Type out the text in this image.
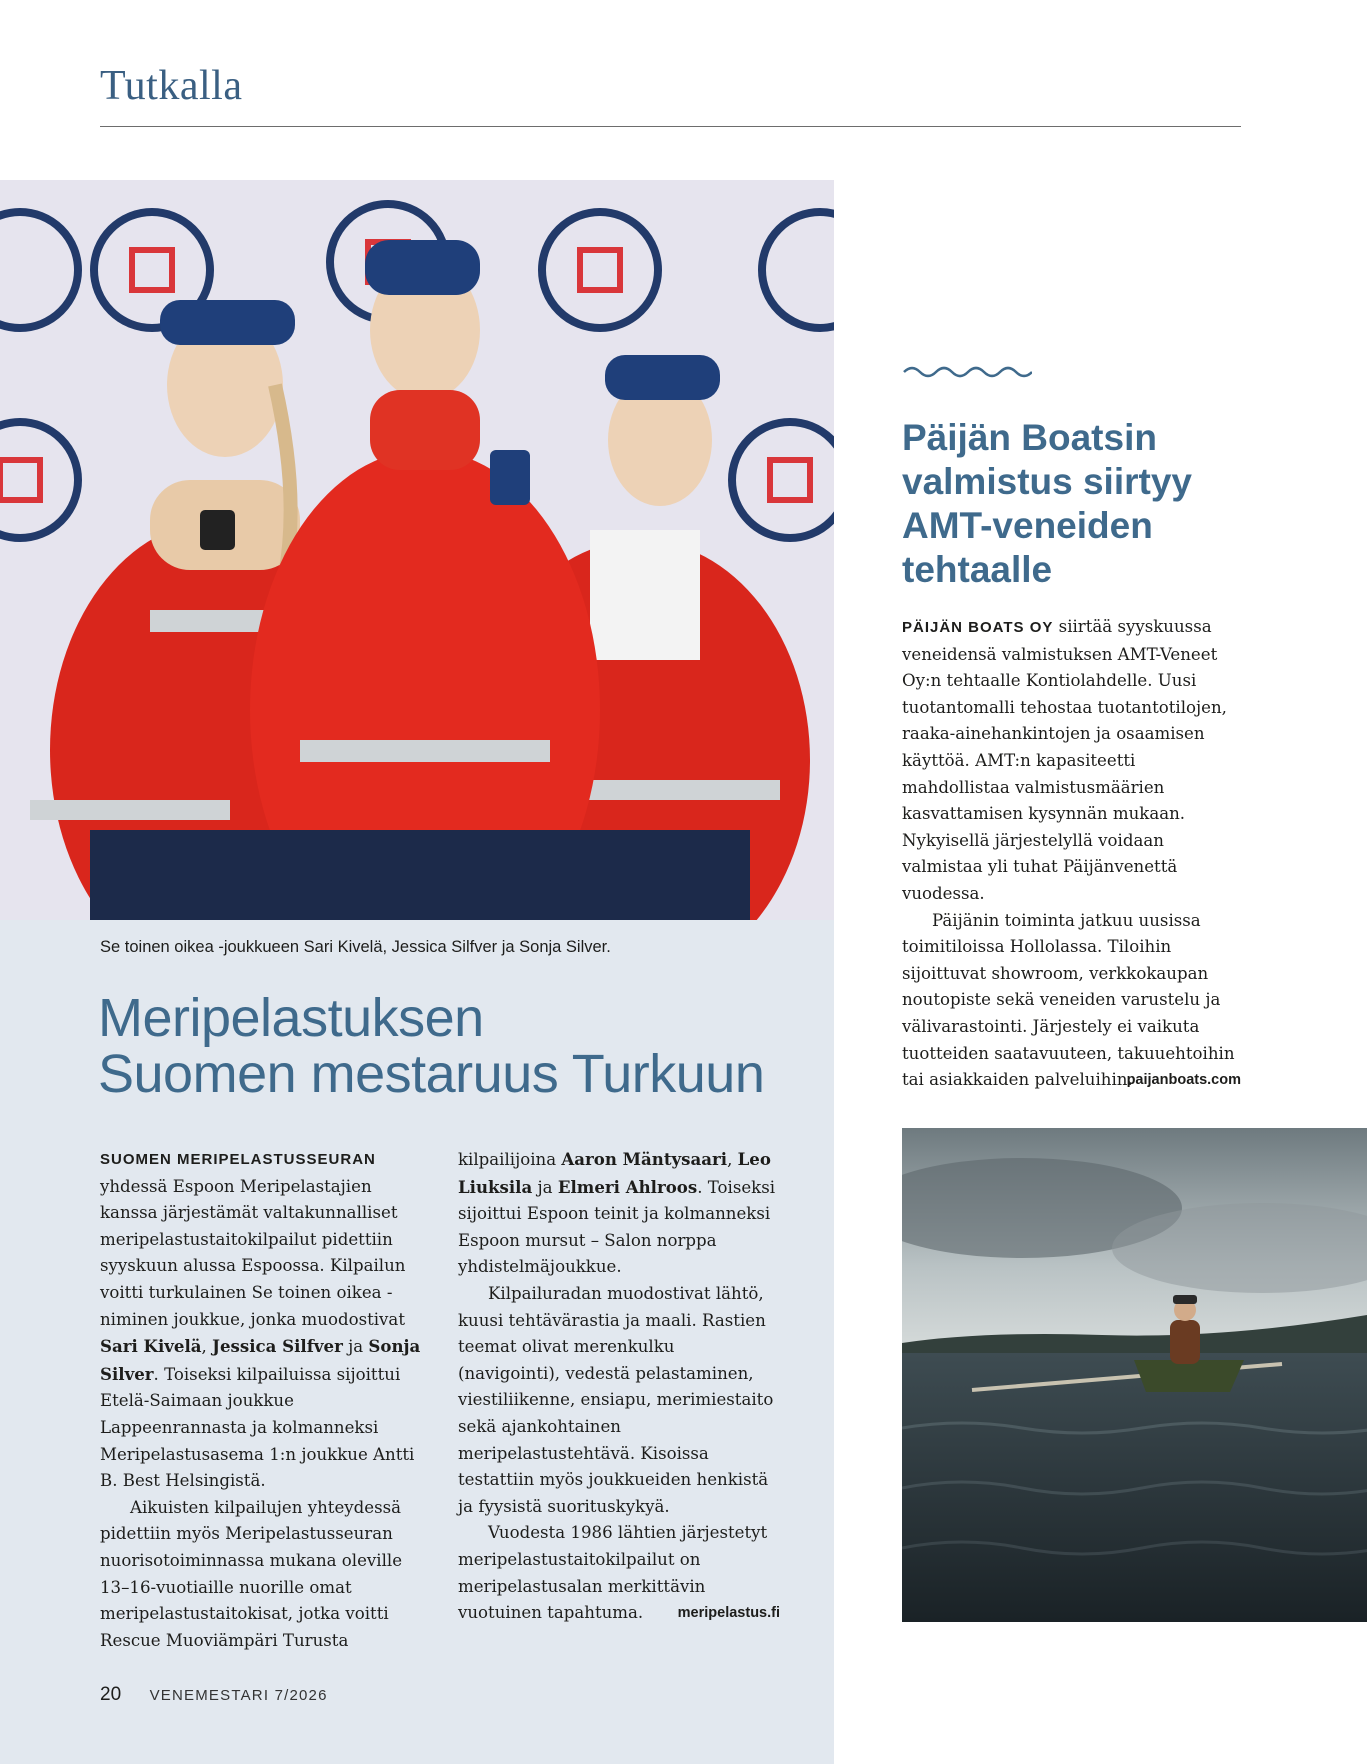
Tutkalla
Se toinen oikea -joukkueen Sari Kivelä, Jessica Silfver ja Sonja Silver.
Meripelastuksen
Suomen mestaruus Turkuun

SUOMEN MERIPELASTUSSEURAN yhdessä Espoon Meripelastajien kanssa järjestämät valtakunnalliset meripelastustaitokilpailut pidettiin syyskuun alussa Espoossa. Kilpailun voitti turkulainen Se toinen oikea -niminen joukkue, jonka muodostivat Sari Kivelä, Jessica Silfver ja Sonja Silver. Toiseksi kilpailuissa sijoittui Etelä-Saimaan joukkue Lappeenrannasta ja kolmanneksi Meripelastusasema 1:n joukkue Antti B. Best Helsingistä.

Aikuisten kilpailujen yhteydessä pidettiin myös Meripelastusseuran nuorisotoiminnassa mukana oleville 13–16-vuotiaille nuorille omat meripelastustaitokisat, jotka voitti Rescue Muoviämpäri Turusta kilpailijoina Aaron Mäntysaari, Leo Liuksila ja Elmeri Ahlroos. Toiseksi sijoittui Espoon teinit ja kolmanneksi Espoon mursut – Salon norppa yhdistelmäjoukkue.

Kilpailuradan muodostivat lähtö, kuusi tehtävärastia ja maali. Rastien teemat olivat merenkulku (navigointi), vedestä pelastaminen, viestiliikenne, ensiapu, merimiestaito sekä ajankohtainen meripelastustehtävä. Kisoissa testattiin myös joukkueiden henkistä ja fyysistä suorituskykyä.

Vuodesta 1986 lähtien järjestetyt meripelastustaitokilpailut on meripelastusalan merkittävin vuotuinen tapahtuma.	meripelastus.fi

20 VENEMESTARI 7/2026
Päijän Boatsin valmistus siirtyy AMT-veneiden tehtaalle

PÄIJÄN BOATS OY siirtää syyskuussa veneidensä valmistuksen AMT-Veneet Oy:n tehtaalle Kontiolahdelle. Uusi tuotantomalli tehostaa tuotantotilojen, raaka-ainehankintojen ja osaamisen käyttöä. AMT:n kapasiteetti mahdollistaa valmistusmäärien kasvattamisen kysynnän mukaan. Nykyisellä järjestelyllä voidaan valmistaa yli tuhat Päijänvenettä vuodessa.

Päijänin toiminta jatkuu uusissa toimitiloissa Hollolassa. Tiloihin sijoittuvat showroom, verkkokaupan noutopiste sekä veneiden varustelu ja välivarastointi. Järjestely ei vaikuta tuotteiden saatavuuteen, takuuehtoihin tai asiakkaiden palveluihin.

paijanboats.com
